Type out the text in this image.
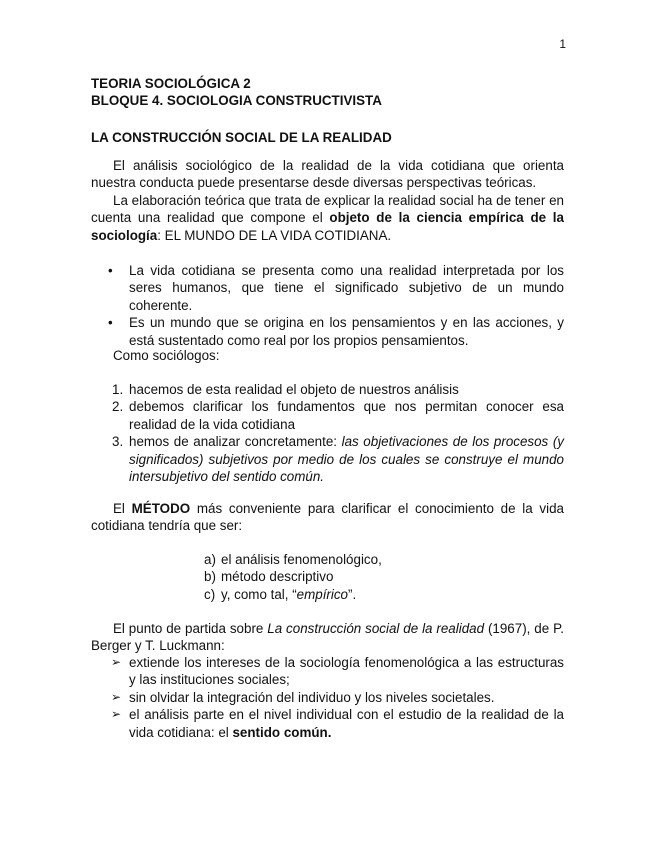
1
TEORIA SOCIOLÓGICA 2
BLOQUE 4. SOCIOLOGIA CONSTRUCTIVISTA
LA CONSTRUCCIÓN SOCIAL DE LA REALIDAD
El análisis sociológico de la realidad de la vida cotidiana que orienta nuestra conducta puede presentarse desde diversas perspectivas teóricas.
La elaboración teórica que trata de explicar la realidad social ha de tener en cuenta una realidad que compone el objeto de la ciencia empírica de la sociología: EL MUNDO DE LA VIDA COTIDIANA.
• La vida cotidiana se presenta como una realidad interpretada por los seres humanos, que tiene el significado subjetivo de un mundo coherente.
• Es un mundo que se origina en los pensamientos y en las acciones, y está sustentado como real por los propios pensamientos.
Como sociólogos:
1. hacemos de esta realidad el objeto de nuestros análisis
2. debemos clarificar los fundamentos que nos permitan conocer esa realidad de la vida cotidiana
3. hemos de analizar concretamente: las objetivaciones de los procesos (y significados) subjetivos por medio de los cuales se construye el mundo intersubjetivo del sentido común.
El MÉTODO más conveniente para clarificar el conocimiento de la vida cotidiana tendría que ser:
a) el análisis fenomenológico,
b) método descriptivo
c) y, como tal, “empírico”.
El punto de partida sobre La construcción social de la realidad (1967), de P. Berger y T. Luckmann:
➢ extiende los intereses de la sociología fenomenológica a las estructuras y las instituciones sociales;
➢ sin olvidar la integración del individuo y los niveles societales.
➢ el análisis parte en el nivel individual con el estudio de la realidad de la vida cotidiana: el sentido común.
